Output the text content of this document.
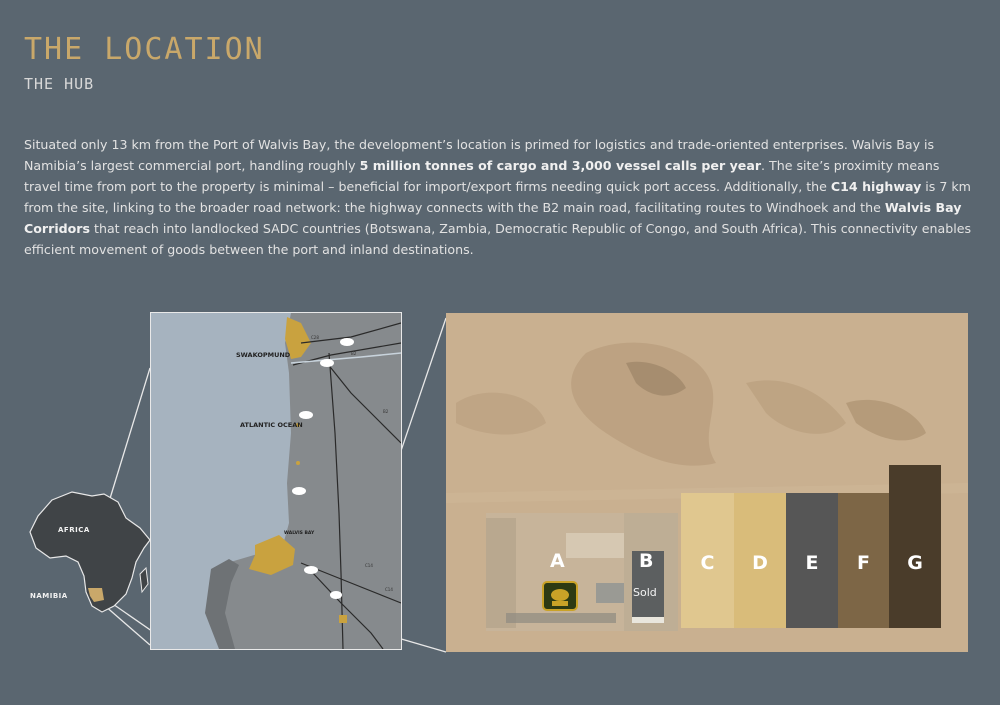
THE LOCATION
THE HUB

Situated only 13 km from the Port of Walvis Bay, the development’s location is primed for logistics and trade-oriented enterprises. Walvis Bay is Namibia’s largest commercial port, handling roughly 5 million tonnes of cargo and 3,000 vessel calls per year. The site’s proximity means travel time from port to the property is minimal – beneficial for import/export firms needing quick port access. Additionally, the C14 highway is 7 km from the site, linking to the broader road network: the highway connects with the B2 main road, facilitating routes to Windhoek and the Walvis Bay Corridors that reach into landlocked SADC countries (Botswana, Zambia, Democratic Republic of Congo, and South Africa). This connectivity enables efficient movement of goods between the port and inland destinations.

AFRICA
NAMIBIA
SWAKOPMUND
ATLANTIC OCEAN
WALVIS BAY
C28
B2
B2
C14
C14
C D E F G
A	B
Sold
